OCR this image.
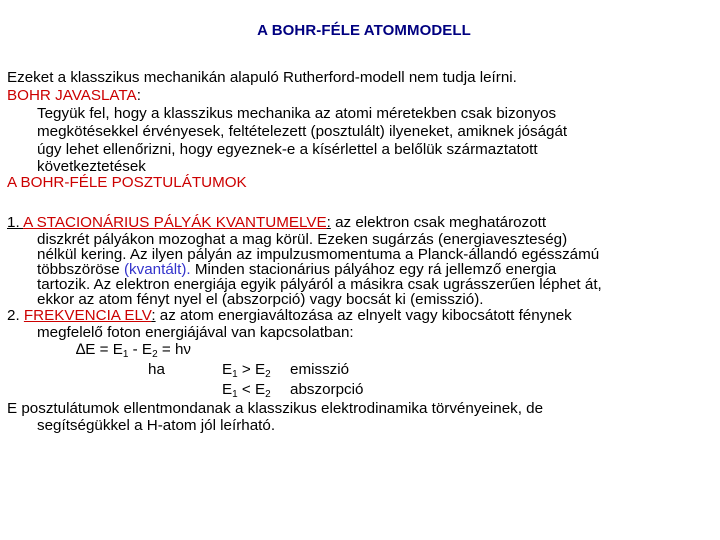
A BOHR-FÉLE ATOMMODELL
Ezeket a klasszikus mechanikán alapuló Rutherford-modell nem tudja leírni.
BOHR JAVASLATA:
Tegyük fel, hogy a klasszikus mechanika az atomi méretekben csak bizonyos
megkötésekkel érvényesek, feltételezett (posztulált) ilyeneket, amiknek jóságát
úgy lehet ellenőrizni, hogy egyeznek-e a kísérlettel a belőlük származtatott
következtetések
A BOHR-FÉLE POSZTULÁTUMOK
1. A STACIONÁRIUS PÁLYÁK KVANTUMELVE: az elektron csak meghatározott
diszkrét pályákon mozoghat a mag körül. Ezeken sugárzás (energiaveszteség)
nélkül kering. Az ilyen pályán az impulzusmomentuma a Planck-állandó egésszámú
többszöröse (kvantált). Minden stacionárius pályához egy rá jellemző energia
tartozik. Az elektron energiája egyik pályáról a másikra csak ugrásszerűen léphet át,
ekkor az atom fényt nyel el (abszorpció) vagy bocsát ki (emisszió).
2. FREKVENCIA ELV: az atom energiaváltozása az elnyelt vagy kibocsátott fénynek
megfelelő foton energiájával van kapcsolatban:
$\Delta E = E_1 - E_2 = h\nu$
ha	$E_1 > E_2$ emisszió
$E_1 < E_2$ abszorpció
E posztulátumok ellentmondanak a klasszikus elektrodinamika törvényeinek, de
segítségükkel a H-atom jól leírható.
